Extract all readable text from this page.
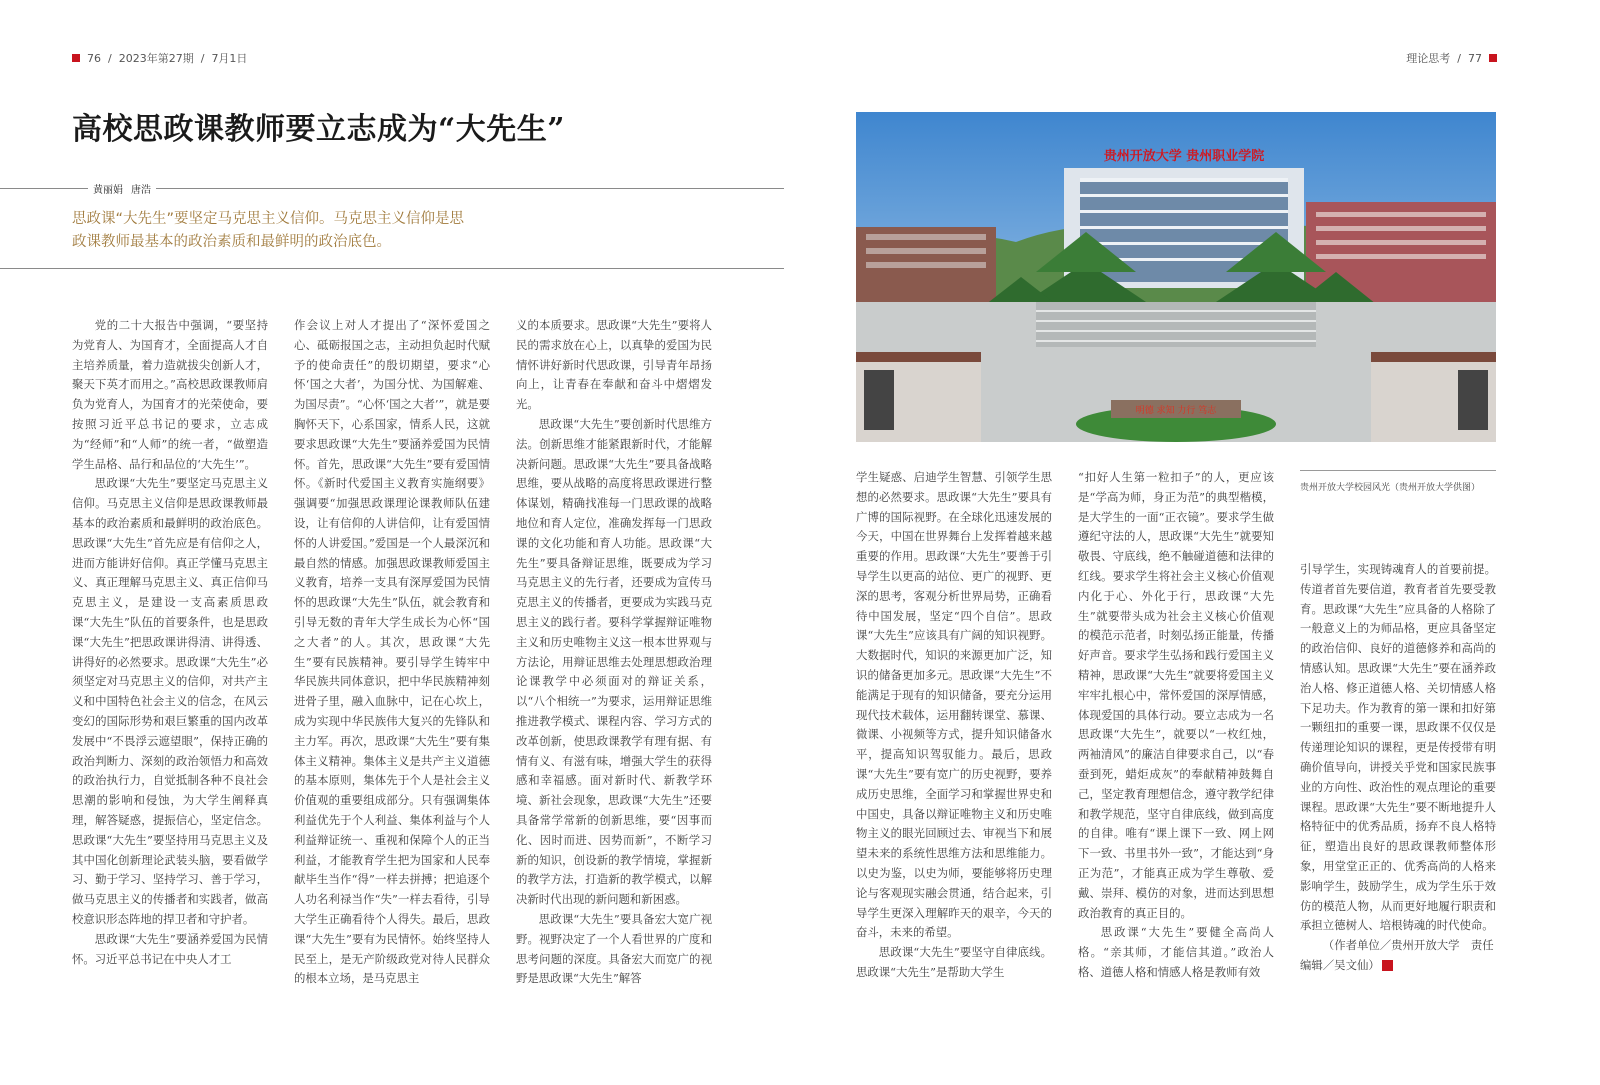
76 / 2023年第27期 / 7月1日	理论思考 / 77
高校思政课教师要立志成为“大先生”
黄丽娟 唐浩

思政课“大先生”要坚定马克思主义信仰。马克思主义信仰是思

政课教师最基本的政治素质和最鲜明的政治底色。

党的二十大报告中强调，“要坚持为党育人、为国育才，全面提高人才自主培养质量，着力造就拔尖创新人才，聚天下英才而用之。”高校思政课教师肩负为党育人，为国育才的光荣使命，要按照习近平总书记的要求，立志成为“经师”和“人师”的统一者，“做塑造学生品格、品行和品位的‘大先生’”。

思政课“大先生”要坚定马克思主义信仰。马克思主义信仰是思政课教师最基本的政治素质和最鲜明的政治底色。思政课“大先生”首先应是有信仰之人，进而方能讲好信仰。真正学懂马克思主义、真正理解马克思主义、真正信仰马克思主义，是建设一支高素质思政课“大先生”队伍的首要条件，也是思政课“大先生”把思政课讲得清、讲得透、讲得好的必然要求。思政课“大先生”必须坚定对马克思主义的信仰，对共产主义和中国特色社会主义的信念，在风云变幻的国际形势和艰巨繁重的国内改革发展中“不畏浮云遮望眼”，保持正确的政治判断力、深刻的政治领悟力和高效的政治执行力，自觉抵制各种不良社会思潮的影响和侵蚀，为大学生阐释真理，解答疑惑，提振信心，坚定信念。思政课“大先生”要坚持用马克思主义及其中国化创新理论武装头脑，要看做学习、勤于学习、坚持学习、善于学习，做马克思主义的传播者和实践者，做高校意识形态阵地的捍卫者和守护者。

思政课“大先生”要涵养爱国为民情怀。习近平总书记在中央人才工

作会议上对人才提出了“深怀爱国之心、砥砺报国之志，主动担负起时代赋予的使命责任”的殷切期望，要求“心怀‘国之大者’，为国分忧、为国解难、为国尽责”。“心怀‘国之大者’”，就是要胸怀天下，心系国家，情系人民，这就要求思政课“大先生”要涵养爱国为民情怀。首先，思政课“大先生”要有爱国情怀。《新时代爱国主义教育实施纲要》强调要“加强思政课理论课教师队伍建设，让有信仰的人讲信仰，让有爱国情怀的人讲爱国。”爱国是一个人最深沉和最自然的情感。加强思政课教师爱国主义教育，培养一支具有深厚爱国为民情怀的思政课“大先生”队伍，就会教育和引导无数的青年大学生成长为心怀“国之大者”的人。其次，思政课“大先生”要有民族精神。要引导学生铸牢中华民族共同体意识，把中华民族精神刻进骨子里，融入血脉中，记在心坎上，成为实现中华民族伟大复兴的先锋队和主力军。再次，思政课“大先生”要有集体主义精神。集体主义是共产主义道德的基本原则，集体先于个人是社会主义价值观的重要组成部分。只有强调集体利益优先于个人利益、集体利益与个人利益辩证统一、重视和保障个人的正当利益，才能教育学生把为国家和人民奉献毕生当作“得”一样去拼搏；把追逐个人功名利禄当作“失”一样去看待，引导大学生正确看待个人得失。最后，思政课“大先生”要有为民情怀。始终坚持人民至上，是无产阶级政党对待人民群众的根本立场，是马克思主

义的本质要求。思政课“大先生”要将人民的需求放在心上，以真挚的爱国为民情怀讲好新时代思政课，引导青年昂扬向上，让青春在奉献和奋斗中熠熠发光。

思政课“大先生”要创新时代思维方法。创新思维才能紧跟新时代，才能解决新问题。思政课“大先生”要具备战略思维，要从战略的高度将思政课进行整体谋划，精确找准每一门思政课的战略地位和育人定位，准确发挥每一门思政课的文化功能和育人功能。思政课“大先生”要具备辩证思维，既要成为学习马克思主义的先行者，还要成为宣传马克思主义的传播者，更要成为实践马克思主义的践行者。要科学掌握辩证唯物主义和历史唯物主义这一根本世界观与方法论，用辩证思维去处理思想政治理论课教学中必须面对的辩证关系，以“八个相统一”为要求，运用辩证思维推进教学模式、课程内容、学习方式的改革创新，使思政课教学有理有据、有情有义、有滋有味，增强大学生的获得感和幸福感。面对新时代、新教学环境、新社会现象，思政课“大先生”还要具备常学常新的创新思维，要“因事而化、因时而进、因势而新”，不断学习新的知识，创设新的教学情境，掌握新的教学方法，打造新的教学模式，以解决新时代出现的新问题和新困惑。

思政课“大先生”要具备宏大宽广视野。视野决定了一个人看世界的广度和思考问题的深度。具备宏大而宽广的视野是思政课“大先生”解答

贵州开放大学 贵州职业学院
明德 求知 力行 笃志
贵州开放大学校园风光（贵州开放大学供图）

学生疑惑、启迪学生智慧、引领学生思想的必然要求。思政课“大先生”要具有广博的国际视野。在全球化迅速发展的今天，中国在世界舞台上发挥着越来越重要的作用。思政课“大先生”要善于引导学生以更高的站位、更广的视野、更深的思考，客观分析世界局势，正确看待中国发展，坚定“四个自信”。思政课“大先生”应该具有广阔的知识视野。大数据时代，知识的来源更加广泛，知识的储备更加多元。思政课“大先生”不能满足于现有的知识储备，要充分运用现代技术载体，运用翻转课堂、慕课、微课、小视频等方式，提升知识储备水平，提高知识驾驭能力。最后，思政课“大先生”要有宽广的历史视野，要养成历史思维，全面学习和掌握世界史和中国史，具备以辩证唯物主义和历史唯物主义的眼光回顾过去、审视当下和展望未来的系统性思维方法和思维能力。以史为鉴，以史为师，要能够将历史理论与客观现实融会贯通，结合起来，引导学生更深入理解昨天的艰辛，今天的奋斗，未来的希望。

思政课“大先生”要坚守自律底线。思政课“大先生”是帮助大学生

“扣好人生第一粒扣子”的人，更应该是“学高为师，身正为范”的典型楷模，是大学生的一面“正衣镜”。要求学生做遵纪守法的人，思政课“大先生”就要知敬畏、守底线，绝不触碰道德和法律的红线。要求学生将社会主义核心价值观内化于心、外化于行，思政课“大先生”就要带头成为社会主义核心价值观的模范示范者，时刻弘扬正能量，传播好声音。要求学生弘扬和践行爱国主义精神，思政课“大先生”就要将爱国主义牢牢扎根心中，常怀爱国的深厚情感，体现爱国的具体行动。要立志成为一名思政课“大先生”，就要以“一枚红烛，两袖清风”的廉洁自律要求自己，以“春蚕到死，蜡炬成灰”的奉献精神鼓舞自己，坚定教育理想信念，遵守教学纪律和教学规范，坚守自律底线，做到高度的自律。唯有“课上课下一致、网上网下一致、书里书外一致”，才能达到“身正为范”，才能真正成为学生尊敬、爱戴、崇拜、模仿的对象，进而达到思想政治教育的真正目的。

思政课“大先生”要健全高尚人格。“亲其师，才能信其道。”政治人格、道德人格和情感人格是教师有效

引导学生，实现铸魂育人的首要前提。传道者首先要信道，教育者首先要受教育。思政课“大先生”应具备的人格除了一般意义上的为师品格，更应具备坚定的政治信仰、良好的道德修养和高尚的情感认知。思政课“大先生”要在涵养政治人格、修正道德人格、关切情感人格下足功夫。作为教育的第一课和扣好第一颗纽扣的重要一课，思政课不仅仅是传递理论知识的课程，更是传授带有明确价值导向，讲授关乎党和国家民族事业的方向性、政治性的观点理论的重要课程。思政课“大先生”要不断地提升人格特征中的优秀品质，扬弃不良人格特征，塑造出良好的思政课教师整体形象，用堂堂正正的、优秀高尚的人格来影响学生，鼓励学生，成为学生乐于效仿的模范人物，从而更好地履行职责和承担立德树人、培根铸魂的时代使命。

（作者单位／贵州开放大学　责任编辑／吴文仙）	D
